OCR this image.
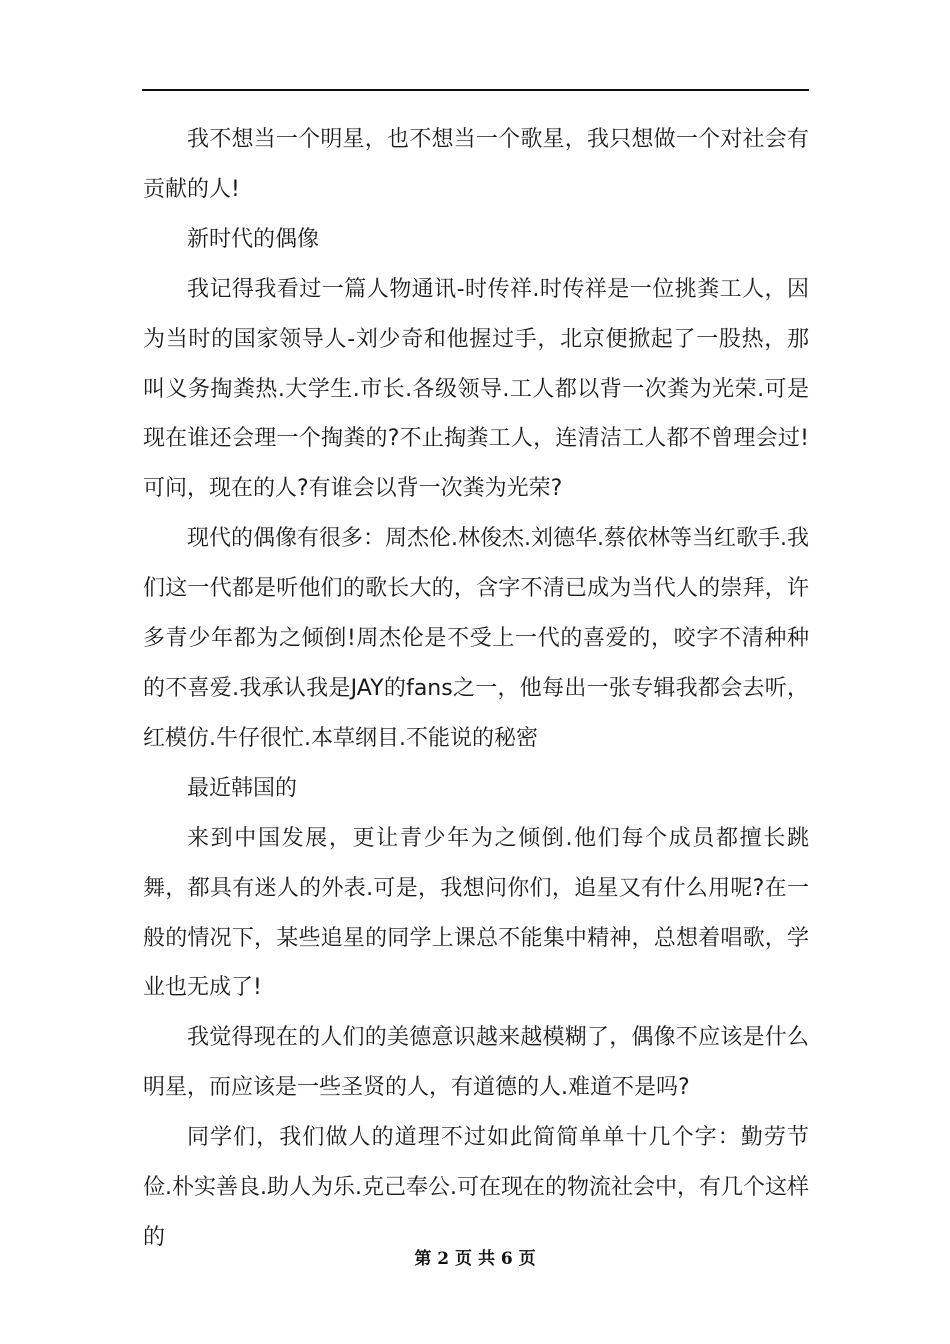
我不想当一个明星，也不想当一个歌星，我只想做一个对社会有贡献的人!

新时代的偶像

我记得我看过一篇人物通讯-时传祥.时传祥是一位挑粪工人，因为当时的国家领导人-刘少奇和他握过手，北京便掀起了一股热，那叫义务掏粪热.大学生.市长.各级领导.工人都以背一次粪为光荣.可是现在谁还会理一个掏粪的?不止掏粪工人，连清洁工人都不曾理会过!可问，现在的人?有谁会以背一次粪为光荣?

现代的偶像有很多：周杰伦.林俊杰.刘德华.蔡依林等当红歌手.我们这一代都是听他们的歌长大的，含字不清已成为当代人的崇拜，许多青少年都为之倾倒!周杰伦是不受上一代的喜爱的，咬字不清种种的不喜爱.我承认我是JAY的fans之一，他每出一张专辑我都会去听，红模仿.牛仔很忙.本草纲目.不能说的秘密

最近韩国的

来到中国发展，更让青少年为之倾倒.他们每个成员都擅长跳舞，都具有迷人的外表.可是，我想问你们，追星又有什么用呢?在一般的情况下，某些追星的同学上课总不能集中精神，总想着唱歌，学业也无成了!

我觉得现在的人们的美德意识越来越模糊了，偶像不应该是什么明星，而应该是一些圣贤的人，有道德的人.难道不是吗?

同学们，我们做人的道理不过如此简简单单十几个字：勤劳节俭.朴实善良.助人为乐.克己奉公.可在现在的物流社会中，有几个这样的

第 2 页 共 6 页
